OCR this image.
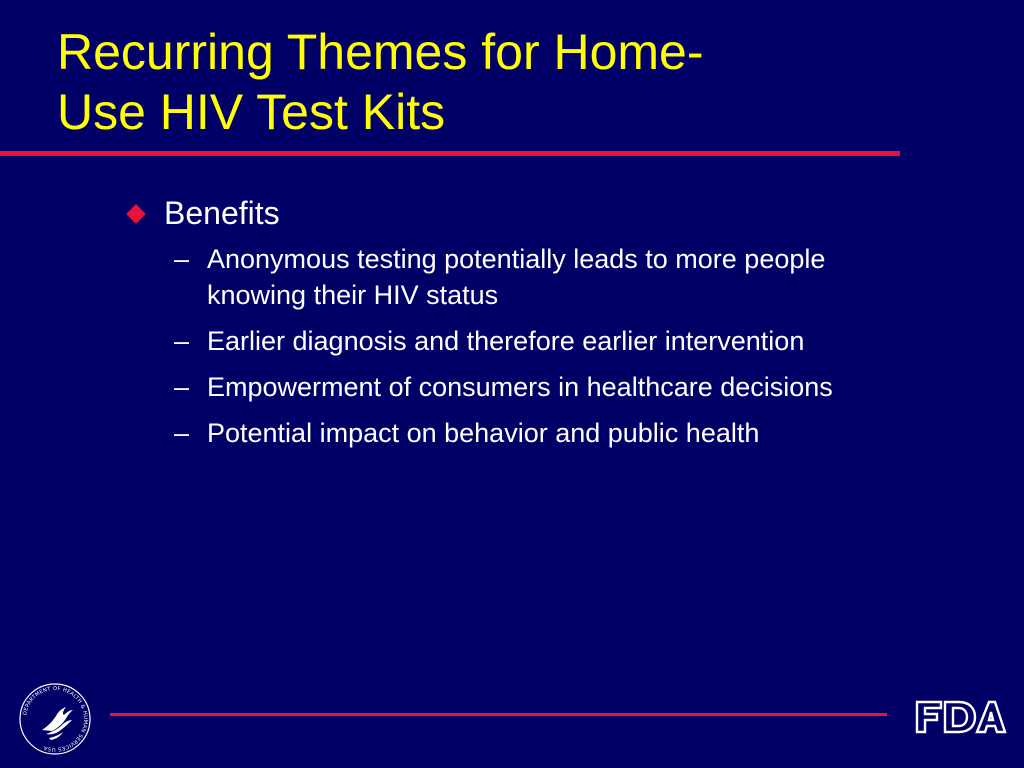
Recurring Themes for Home-
Use HIV Test Kits
Benefits
– Anonymous testing potentially leads to more people knowing their HIV status
– Earlier diagnosis and therefore earlier intervention
– Empowerment of consumers in healthcare decisions
– Potential impact on behavior and public health
DEPARTMENT OF HEALTH & HUMAN SERVICES USA
